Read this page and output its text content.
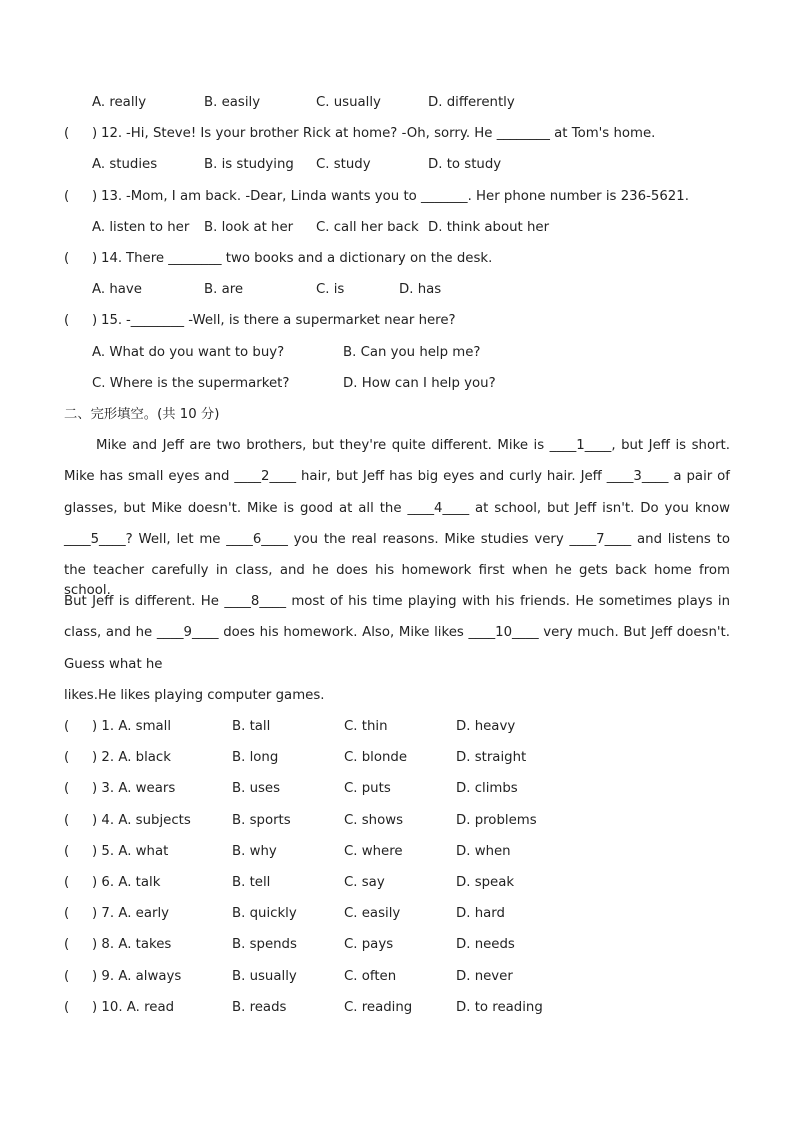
A. really	B. easily	C. usually	D. differently
( ) 12. -Hi, Steve! Is your brother Rick at home? -Oh, sorry. He ________ at Tom's home.
A. studies	B. is studying C. study	D. to study
( ) 13. -Mom, I am back. -Dear, Linda wants you to _______. Her phone number is 236-5621.
A. listen to her B. look at her C. call her back D. think about her
( ) 14. There ________ two books and a dictionary on the desk.
A. have	B. are	C. is	D. has
( ) 15. -________ -Well, is there a supermarket near here?
A. What do you want to buy?	B. Can you help me?
C. Where is the supermarket?	D. How can I help you?
二、完形填空。(共 10 分)
Mike and Jeff are two brothers, but they're quite different. Mike is ____1____, but Jeff is short.
Mike has small eyes and ____2____ hair, but Jeff has big eyes and curly hair. Jeff ____3____ a pair of
glasses, but Mike doesn't. Mike is good at all the ____4____ at school, but Jeff isn't. Do you know
____5____? Well, let me ____6____ you the real reasons. Mike studies very ____7____ and listens to
the teacher carefully in class, and he does his homework first when he gets back home from school.
But Jeff is different. He ____8____ most of his time playing with his friends. He sometimes plays in
class, and he ____9____ does his homework. Also, Mike likes ____10____ very much. But Jeff doesn't.
Guess what he
likes.He likes playing computer games.
( ) 1. A. small	B. tall	C. thin	D. heavy
( ) 2. A. black	B. long	C. blonde	D. straight
( ) 3. A. wears	B. uses	C. puts	D. climbs
( ) 4. A. subjects	B. sports	C. shows	D. problems
( ) 5. A. what	B. why	C. where	D. when
( ) 6. A. talk	B. tell	C. say	D. speak
( ) 7. A. early	B. quickly	C. easily	D. hard
( ) 8. A. takes	B. spends	C. pays	D. needs
( ) 9. A. always	B. usually	C. often	D. never
( ) 10. A. read	B. reads	C. reading	D. to reading
